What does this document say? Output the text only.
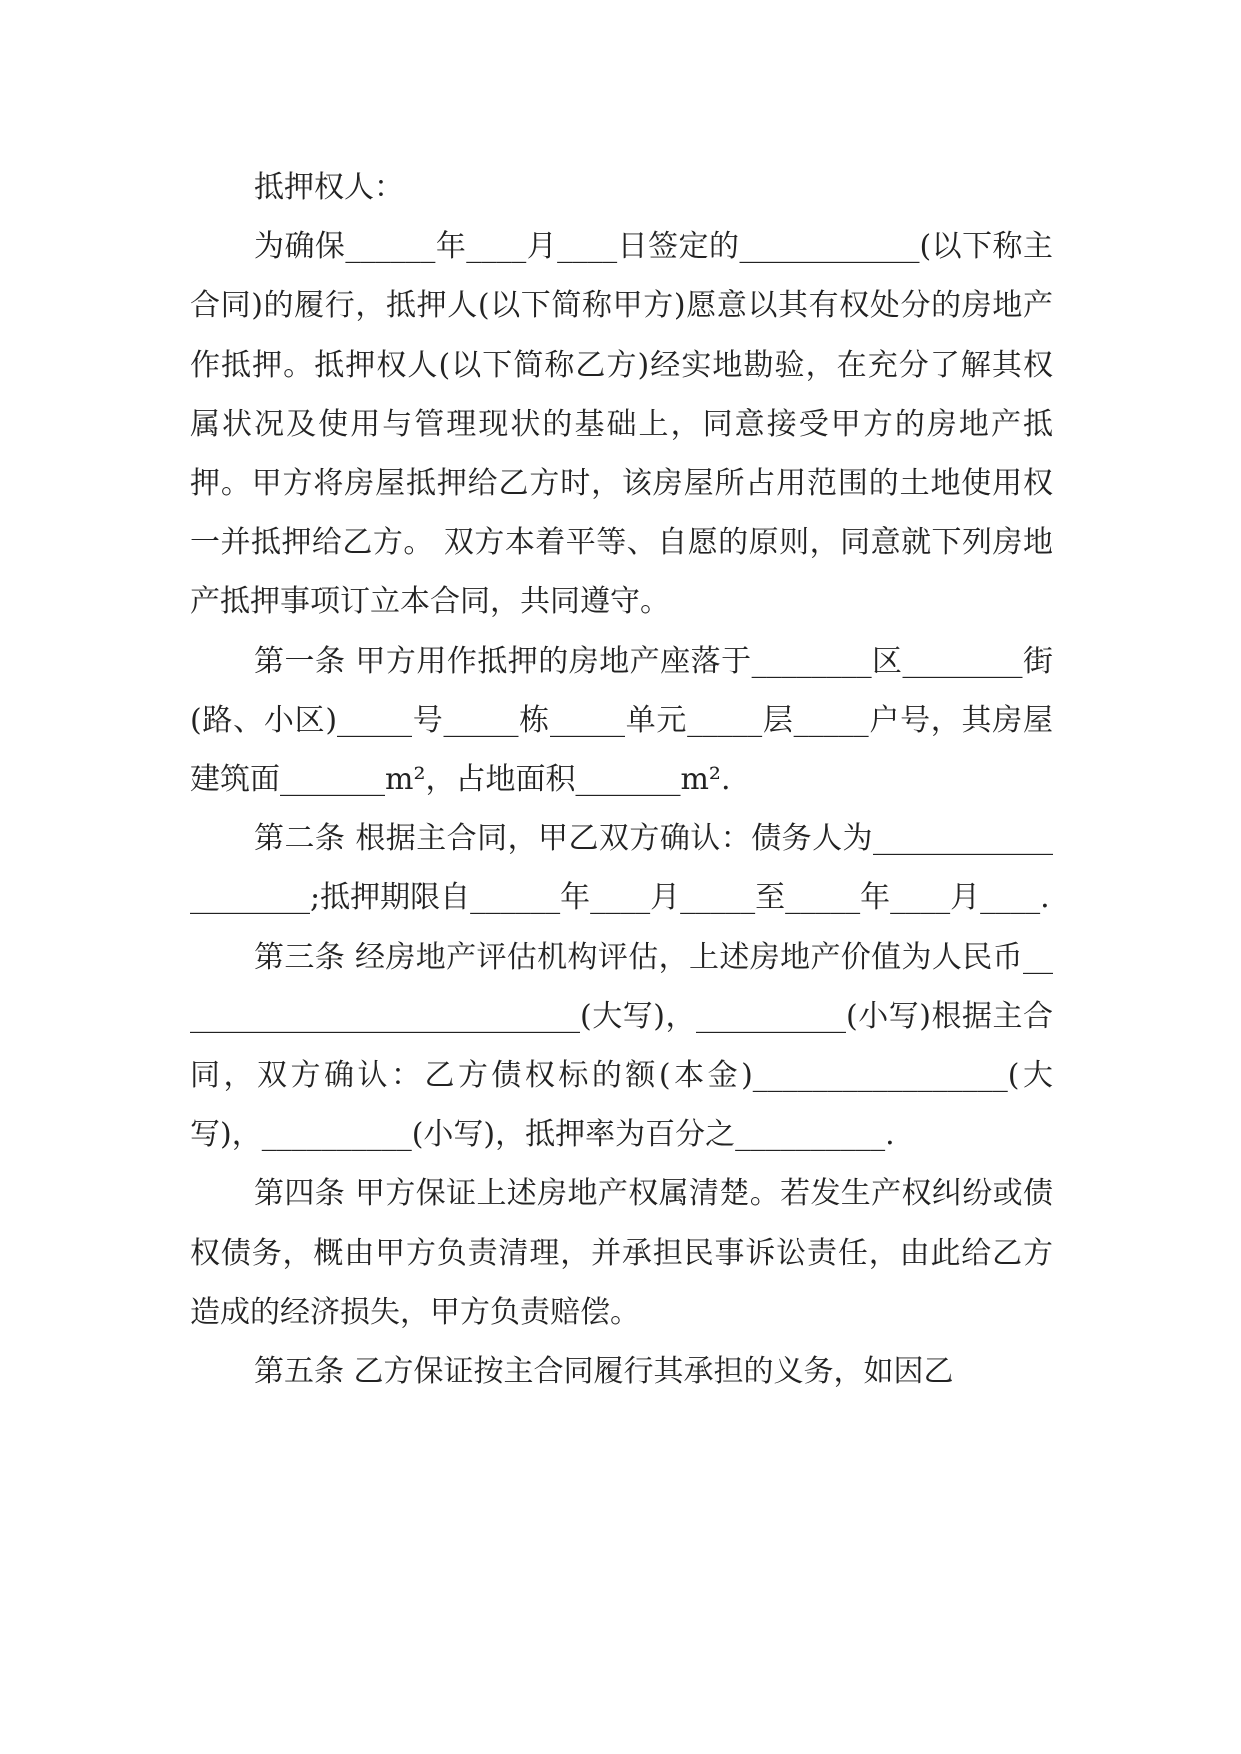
抵押权人：

为确保______年____月____日签定的____________(以下称主合同)的履行，抵押人(以下简称甲方)愿意以其有权处分的房地产作抵押。抵押权人(以下简称乙方)经实地勘验，在充分了解其权属状况及使用与管理现状的基础上，同意接受甲方的房地产抵押。甲方将房屋抵押给乙方时，该房屋所占用范围的土地使用权一并抵押给乙方。 双方本着平等、自愿的原则，同意就下列房地产抵押事项订立本合同，共同遵守。

第一条 甲方用作抵押的房地产座落于________区________街(路、小区)_____号_____栋_____单元_____层_____户号，其房屋建筑面_______m²，占地面积_______m².

第二条 根据主合同，甲乙双方确认：债务人为____________________;抵押期限自______年____月_____至_____年____月____.

第三条 经房地产评估机构评估，上述房地产价值为人民币____________________________(大写)，__________(小写)根据主合同，双方确认：乙方债权标的额(本金)_________________(大写)，__________(小写)，抵押率为百分之__________.

第四条 甲方保证上述房地产权属清楚。若发生产权纠纷或债权债务，概由甲方负责清理，并承担民事诉讼责任，由此给乙方造成的经济损失，甲方负责赔偿。

第五条 乙方保证按主合同履行其承担的义务，如因乙
